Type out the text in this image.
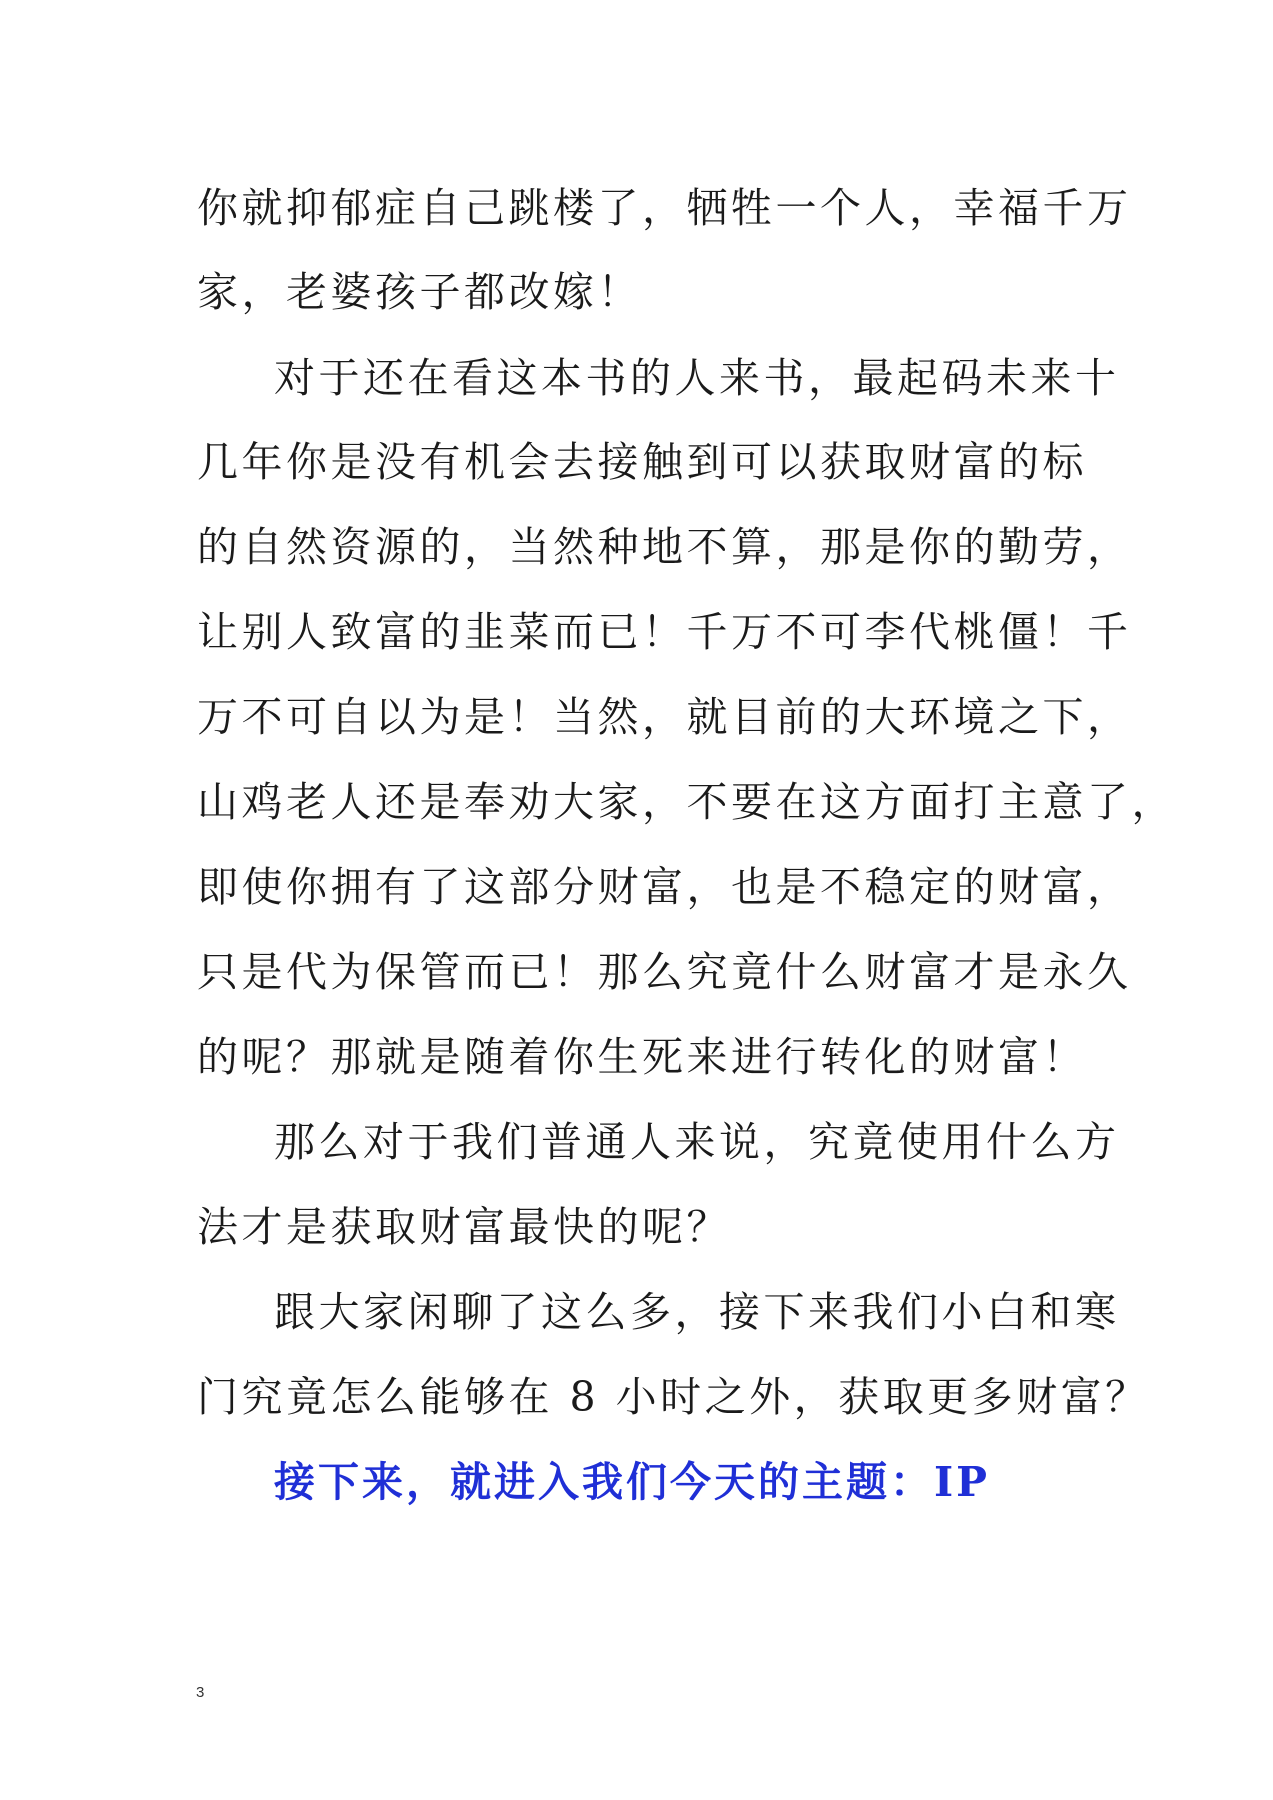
你就抑郁症自己跳楼了，牺牲一个人，幸福千万
家，老婆孩子都改嫁！
对于还在看这本书的人来书，最起码未来十
几年你是没有机会去接触到可以获取财富的标
的自然资源的，当然种地不算，那是你的勤劳，
让别人致富的韭菜而已！千万不可李代桃僵！千
万不可自以为是！当然，就目前的大环境之下，
山鸡老人还是奉劝大家，不要在这方面打主意了，
即使你拥有了这部分财富，也是不稳定的财富，
只是代为保管而已！那么究竟什么财富才是永久
的呢？那就是随着你生死来进行转化的财富！
那么对于我们普通人来说，究竟使用什么方
法才是获取财富最快的呢？
跟大家闲聊了这么多，接下来我们小白和寒
门究竟怎么能够在 8 小时之外，获取更多财富？
接下来，就进入我们今天的主题：IP
3
